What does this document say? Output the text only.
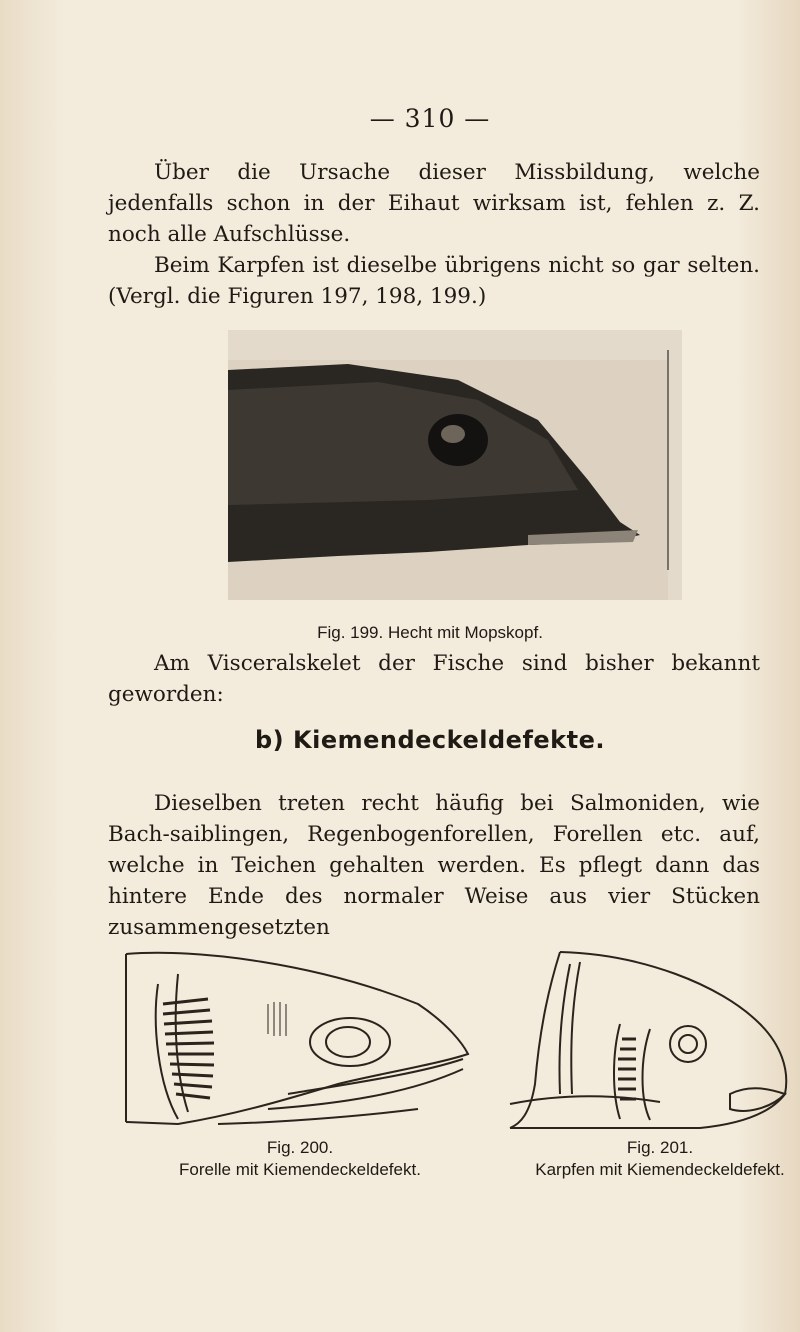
— 310 —
Über die Ursache dieser Missbildung, welche jedenfalls schon in der Eihaut wirksam ist, fehlen z. Z. noch alle Aufschlüsse.
Beim Karpfen ist dieselbe übrigens nicht so gar selten. (Vergl. die Figuren 197, 198, 199.)
Fig. 199. Hecht mit Mopskopf.
Am Visceralskelet der Fische sind bisher bekannt geworden:
b) Kiemendeckeldefekte.
Dieselben treten recht häufig bei Salmoniden, wie Bach-saiblingen, Regenbogenforellen, Forellen etc. auf, welche in Teichen gehalten werden. Es pflegt dann das hintere Ende des normaler Weise aus vier Stücken zusammengesetzten
Fig. 200.
Forelle mit Kiemendeckeldefekt.
Fig. 201.
Karpfen mit Kiemendeckeldefekt.
